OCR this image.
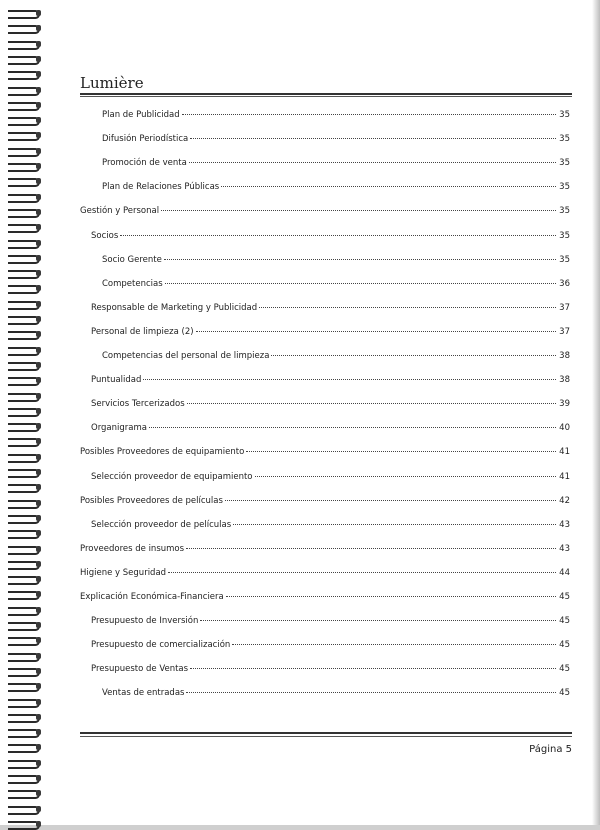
Lumière
Plan de Publicidad	35
Difusión Periodística	35
Promoción de venta	35
Plan de Relaciones Públicas	35
Gestión y Personal	35
Socios	35
Socio Gerente	35
Competencias	36
Responsable de Marketing y Publicidad	37
Personal de limpieza (2)	37
Competencias del personal de limpieza	38
Puntualidad	38
Servicios Tercerizados	39
Organigrama	40
Posibles Proveedores de equipamiento	41
Selección proveedor de equipamiento	41
Posibles Proveedores de películas	42
Selección proveedor de películas	43
Proveedores de insumos	43
Higiene y Seguridad	44
Explicación Económica-Financiera	45
Presupuesto de Inversión	45
Presupuesto de comercialización	45
Presupuesto de Ventas	45
Ventas de entradas	45
Página 5
